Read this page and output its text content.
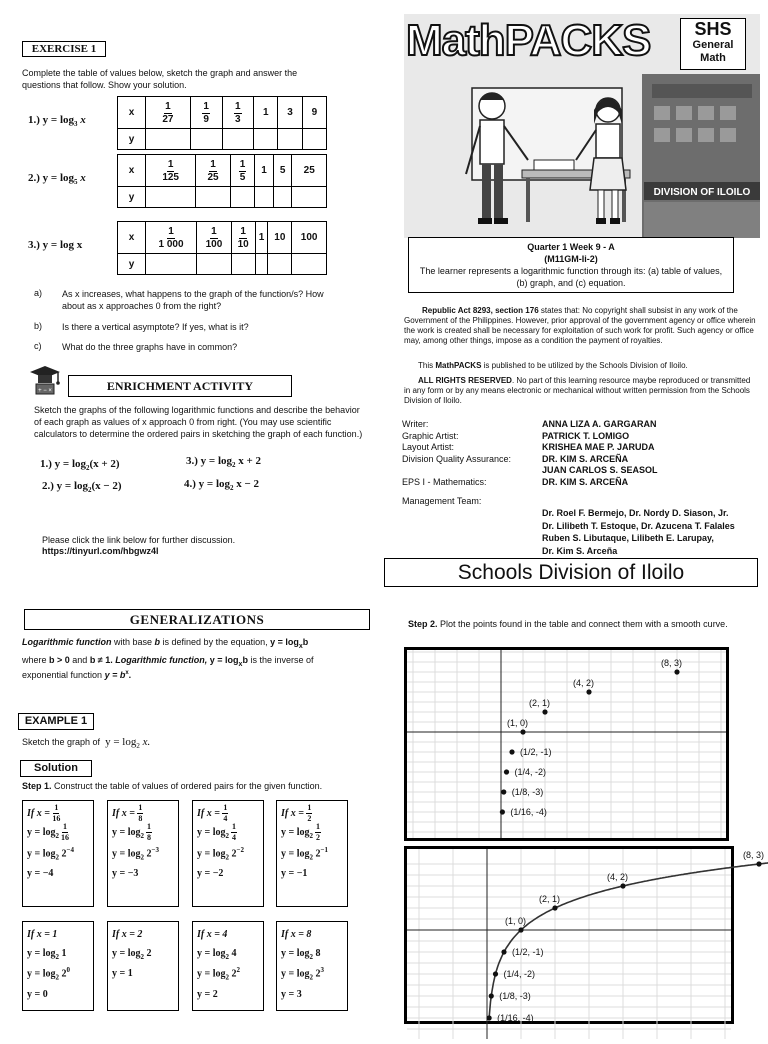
EXERCISE 1
Complete the table of values below, sketch the graph and answer the questions that follow. Show your solution.
1.) $y = \log_3 x$
x	$\frac{1}{27}$	$\frac{1}{9}$	$\frac{1}{3}$	1	3	9
y						
2.) $y = \log_5 x$
x	$\frac{1}{125}$	$\frac{1}{25}$	$\frac{1}{5}$	1	5	25
y						
3.) y = log x
x	$\frac{1}{1 000}$	$\frac{1}{100}$	$\frac{1}{10}$	1	10	100
y						
a) As x increases, what happens to the graph of the function/s? How about as x approaches 0 from the right?
b) Is there a vertical asymptote? If yes, what is it?
c) What do the three graphs have in common?
+ − ×	ENRICHMENT ACTIVITY
Sketch the graphs of the following logarithmic functions and describe the behavior of each graph as values of x approach 0 from right. (You may use scientific calculators to determine the ordered pairs in sketching the graph of each function.)
1.) $y = \log_2(x + 2)$	3.) $y = \log_2 x + 2$
2.) $y = \log_2(x - 2)$	4.) $y = \log_2 x - 2$
Please click the link below for further discussion.
https://tinyurl.com/hbgwz4l
DIVISION OF ILOILO
MathPACKS	SHS
General
Math
Quarter 1 Week 9 - A
(M11GM-Ii-2)
The learner represents a logarithmic function through its: (a) table of values, (b) graph, and (c) equation.
Republic Act 8293, section 176 states that: No copyright shall subsist in any work of the Government of the Philippines. However, prior approval of the government agency or office wherein the work is created shall be necessary for exploitation of such work for profit. Such agency or office may, among other things, impose as a condition the payment of royalties.
This MathPACKS is published to be utilized by the Schools Division of Iloilo.
ALL RIGHTS RESERVED. No part of this learning resource maybe reproduced or transmitted in any form or by any means electronic or mechanical without written permission from the Schools Division of Iloilo.
Writer:	ANNA LIZA A. GARGARAN
Graphic Artist:	PATRICK T. LOMIGO
Layout Artist:	KRISHEA MAE P. JARUDA
Division Quality Assurance:	DR. KIM S. ARCEÑA
JUAN CARLOS S. SEASOL
EPS I - Mathematics:	DR. KIM S. ARCEÑA
Management Team:
Dr. Roel F. Bermejo, Dr. Nordy D. Siason, Jr.
Dr. Lilibeth T. Estoque, Dr. Azucena T. Falales
Ruben S. Libutaque, Lilibeth E. Larupay,
Dr. Kim S. Arceña
Schools Division of Iloilo
GENERALIZATIONS
Logarithmic function with base b is defined by the equation, $y = \log_xb$
where b > 0 and b ≠ 1. Logarithmic function, $y = \log_xb$ is the inverse of
exponential function $y = b^x$.
EXAMPLE 1
Sketch the graph of $y = \log_2 x$.
Solution
Step 1. Construct the table of values of ordered pairs for the given function.
If $x = \frac{1}{16}$
$y = \log_2 \frac{1}{16}$
$y = \log_2 2^{-4}$
y = −4
If $x = \frac{1}{8}$
$y = \log_2 \frac{1}{8}$
$y = \log_2 2^{-3}$
y = −3
If $x = \frac{1}{4}$
$y = \log_2 \frac{1}{4}$
$y = \log_2 2^{-2}$
y = −2
If $x = \frac{1}{2}$
$y = \log_2 \frac{1}{2}$
$y = \log_2 2^{-1}$
y = −1
If x = 1
$y = \log_2 1$
$y = \log_2 2^0$
y = 0
If x = 2
$y = \log_2 2$
y = 1
If x = 4
$y = \log_2 4$
$y = \log_2 2^2$
y = 2
If x = 8
$y = \log_2 8$
$y = \log_2 2^3$
y = 3
Step 2. Plot the points found in the table and connect them with a smooth curve.
(1/16, -4)
(1/8, -3)
(1/4, -2)
(1/2, -1)
(1, 0)
(2, 1)
(4, 2)
(8, 3)
(1/16, -4)
(1/8, -3)
(1/4, -2)
(1/2, -1)
(1, 0)
(2, 1)
(4, 2)
(8, 3)
